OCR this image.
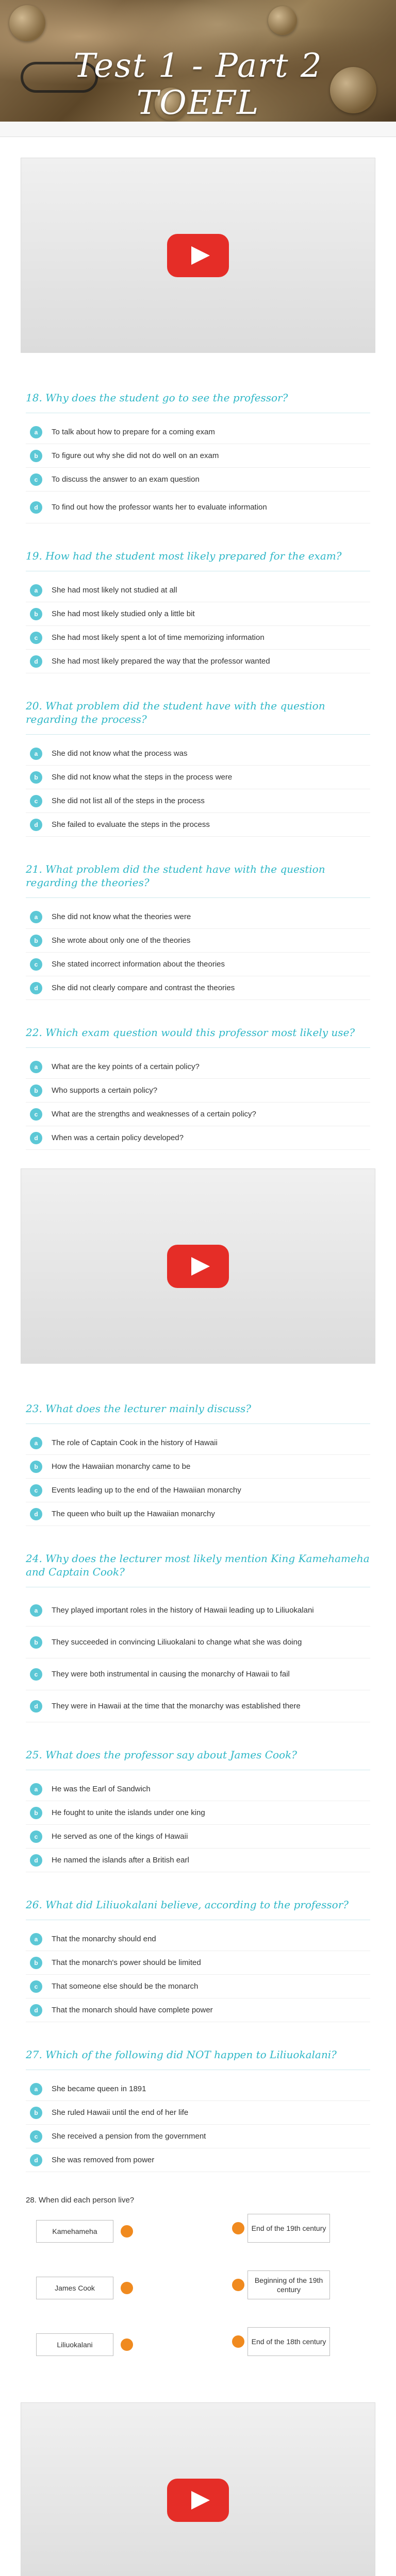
Test 1 - Part 2
TOEFL
18. Why does the student go to see the professor?
a	To talk about how to prepare for a coming exam
b	To figure out why she did not do well on an exam
c	To discuss the answer to an exam question
d	To find out how the professor wants her to evaluate information
19. How had the student most likely prepared for the exam?
a	She had most likely not studied at all
b	She had most likely studied only a little bit
c	She had most likely spent a lot of time memorizing information
d	She had most likely prepared the way that the professor wanted
20. What problem did the student have with the question regarding the process?
a	She did not know what the process was
b	She did not know what the steps in the process were
c	She did not list all of the steps in the process
d	She failed to evaluate the steps in the process
21. What problem did the student have with the question regarding the theories?
a	She did not know what the theories were
b	She wrote about only one of the theories
c	She stated incorrect information about the theories
d	She did not clearly compare and contrast the theories
22. Which exam question would this professor most likely use?
a	What are the key points of a certain policy?
b	Who supports a certain policy?
c	What are the strengths and weaknesses of a certain policy?
d	When was a certain policy developed?
23. What does the lecturer mainly discuss?
a	The role of Captain Cook in the history of Hawaii
b	How the Hawaiian monarchy came to be
c	Events leading up to the end of the Hawaiian monarchy
d	The queen who built up the Hawaiian monarchy
24. Why does the lecturer most likely mention King Kamehameha and Captain Cook?
a	They played important roles in the history of Hawaii leading up to Liliuokalani
b	They succeeded in convincing Liliuokalani to change what she was doing
c	They were both instrumental in causing the monarchy of Hawaii to fail
d	They were in Hawaii at the time that the monarchy was established there
25. What does the professor say about James Cook?
a	He was the Earl of Sandwich
b	He fought to unite the islands under one king
c	He served as one of the kings of Hawaii
d	He named the islands after a British earl
26. What did Liliuokalani believe, according to the professor?
a	That the monarchy should end
b	That the monarch's power should be limited
c	That someone else should be the monarch
d	That the monarch should have complete power
27. Which of the following did NOT happen to Liliuokalani?
a	She became queen in 1891
b	She ruled Hawaii until the end of her life
c	She received a pension from the government
d	She was removed from power
28. When did each person live?
Kamehameha
James Cook
Liliuokalani
End of the 19th century
Beginning of the 19th century
End of the 18th century
